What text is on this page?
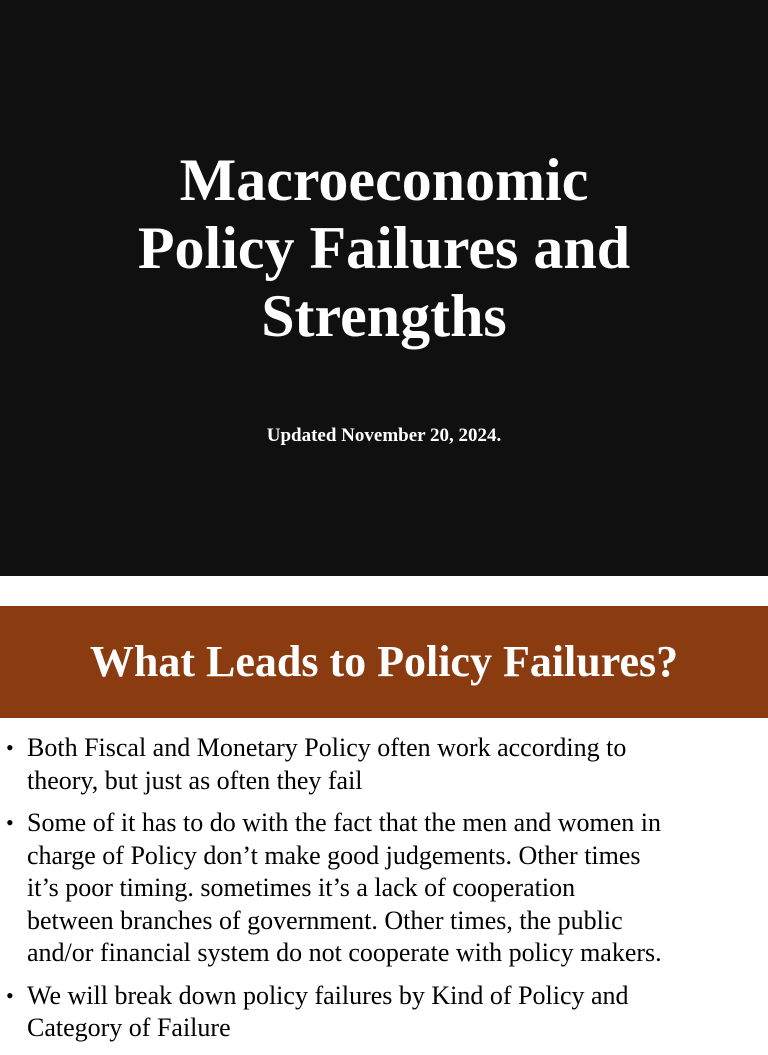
Macroeconomic
Policy Failures and
Strengths

Updated November 20, 2024.

What Leads to Policy Failures?
• Both Fiscal and Monetary Policy often work according to
theory, but just as often they fail
• Some of it has to do with the fact that the men and women in
charge of Policy don’t make good judgements. Other times
it’s poor timing. sometimes it’s a lack of cooperation
between branches of government. Other times, the public
and/or financial system do not cooperate with policy makers.
• We will break down policy failures by Kind of Policy and
Category of Failure
